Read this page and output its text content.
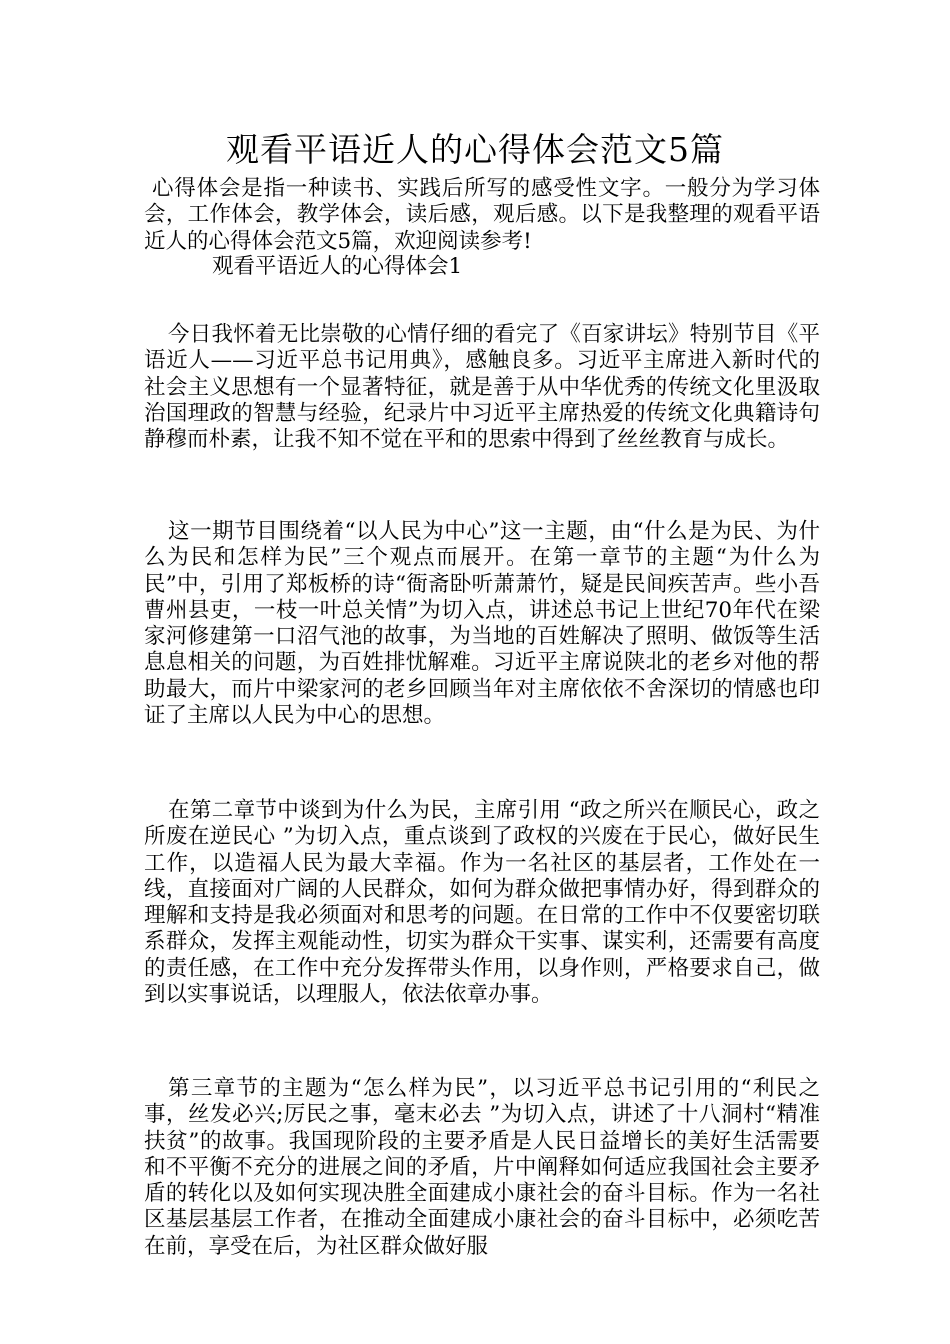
观看平语近人的心得体会范文5篇

心得体会是指一种读书、实践后所写的感受性文字。一般分为学习体会，工作体会，教学体会，读后感，观后感。以下是我整理的观看平语近人的心得体会范文5篇，欢迎阅读参考!

观看平语近人的心得体会1

今日我怀着无比崇敬的心情仔细的看完了《百家讲坛》特别节目《平语近人——习近平总书记用典》，感触良多。习近平主席进入新时代的社会主义思想有一个显著特征，就是善于从中华优秀的传统文化里汲取治国理政的智慧与经验，纪录片中习近平主席热爱的传统文化典籍诗句静穆而朴素，让我不知不觉在平和的思索中得到了丝丝教育与成长。

这一期节目围绕着“以人民为中心”这一主题，由“什么是为民、为什么为民和怎样为民”三个观点而展开。在第一章节的主题“为什么为民”中，引用了郑板桥的诗“衙斋卧听萧萧竹，疑是民间疾苦声。些小吾曹州县吏，一枝一叶总关情”为切入点，讲述总书记上世纪70年代在梁家河修建第一口沼气池的故事，为当地的百姓解决了照明、做饭等生活息息相关的问题，为百姓排忧解难。习近平主席说陕北的老乡对他的帮助最大，而片中梁家河的老乡回顾当年对主席依依不舍深切的情感也印证了主席以人民为中心的思想。

在第二章节中谈到为什么为民，主席引用 “政之所兴在顺民心，政之所废在逆民心 ”为切入点，重点谈到了政权的兴废在于民心，做好民生工作，以造福人民为最大幸福。作为一名社区的基层者，工作处在一线，直接面对广阔的人民群众，如何为群众做把事情办好，得到群众的理解和支持是我必须面对和思考的问题。在日常的工作中不仅要密切联系群众，发挥主观能动性，切实为群众干实事、谋实利，还需要有高度的责任感，在工作中充分发挥带头作用，以身作则，严格要求自己，做到以实事说话，以理服人，依法依章办事。

第三章节的主题为“怎么样为民”，以习近平总书记引用的“利民之事，丝发必兴;厉民之事，毫末必去 ”为切入点，讲述了十八洞村“精准扶贫”的故事。我国现阶段的主要矛盾是人民日益增长的美好生活需要和不平衡不充分的进展之间的矛盾，片中阐释如何适应我国社会主要矛盾的转化以及如何实现决胜全面建成小康社会的奋斗目标。作为一名社区基层基层工作者，在推动全面建成小康社会的奋斗目标中，必须吃苦在前，享受在后，为社区群众做好服
